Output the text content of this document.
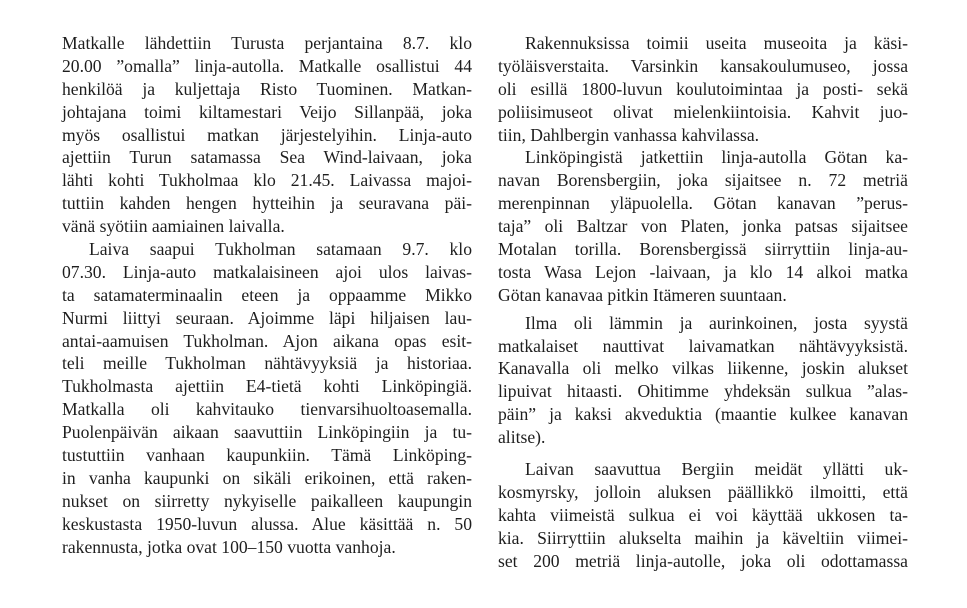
Matkalle lähdettiin Turusta perjantaina 8.7. klo
20.00 ”omalla” linja-autolla. Matkalle osallistui 44
henkilöä ja kuljettaja Risto Tuominen. Matkan-
johtajana toimi kiltamestari Veijo Sillanpää, joka
myös osallistui matkan järjestelyihin. Linja-auto
ajettiin Turun satamassa Sea Wind-laivaan, joka
lähti kohti Tukholmaa klo 21.45. Laivassa majoi-
tuttiin kahden hengen hytteihin ja seuravana päi-
vänä syötiin aamiainen laivalla.
Laiva saapui Tukholman satamaan 9.7. klo
07.30. Linja-auto matkalaisineen ajoi ulos laivas-
ta satamaterminaalin eteen ja oppaamme Mikko
Nurmi liittyi seuraan. Ajoimme läpi hiljaisen lau-
antai-aamuisen Tukholman. Ajon aikana opas esit-
teli meille Tukholman nähtävyyksiä ja historiaa.
Tukholmasta ajettiin E4-tietä kohti Linköpingiä.
Matkalla oli kahvitauko tienvarsihuoltoasemalla.
Puolenpäivän aikaan saavuttiin Linköpingiin ja tu-
tustuttiin vanhaan kaupunkiin. Tämä Linköping-
in vanha kaupunki on sikäli erikoinen, että raken-
nukset on siirretty nykyiselle paikalleen kaupungin
keskustasta 1950-luvun alussa. Alue käsittää n. 50
rakennusta, jotka ovat 100–150 vuotta vanhoja.
Rakennuksissa toimii useita museoita ja käsi-
työläisverstaita. Varsinkin kansakoulumuseo, jossa
oli esillä 1800-luvun koulutoimintaa ja posti- sekä
poliisimuseot olivat mielenkiintoisia. Kahvit juo-
tiin, Dahlbergin vanhassa kahvilassa.
Linköpingistä jatkettiin linja-autolla Götan ka-
navan Borensbergiin, joka sijaitsee n. 72 metriä
merenpinnan yläpuolella. Götan kanavan ”perus-
taja” oli Baltzar von Platen, jonka patsas sijaitsee
Motalan torilla. Borensbergissä siirryttiin linja-au-
tosta Wasa Lejon -laivaan, ja klo 14 alkoi matka
Götan kanavaa pitkin Itämeren suuntaan.
Ilma oli lämmin ja aurinkoinen, josta syystä
matkalaiset nauttivat laivamatkan nähtävyyksistä.
Kanavalla oli melko vilkas liikenne, joskin alukset
lipuivat hitaasti. Ohitimme yhdeksän sulkua ”alas-
päin” ja kaksi akveduktia (maantie kulkee kanavan
alitse).
Laivan saavuttua Bergiin meidät yllätti uk-
kosmyrsky, jolloin aluksen päällikkö ilmoitti, että
kahta viimeistä sulkua ei voi käyttää ukkosen ta-
kia. Siirryttiin alukselta maihin ja käveltiin viimei-
set 200 metriä linja-autolle, joka oli odottamassa
